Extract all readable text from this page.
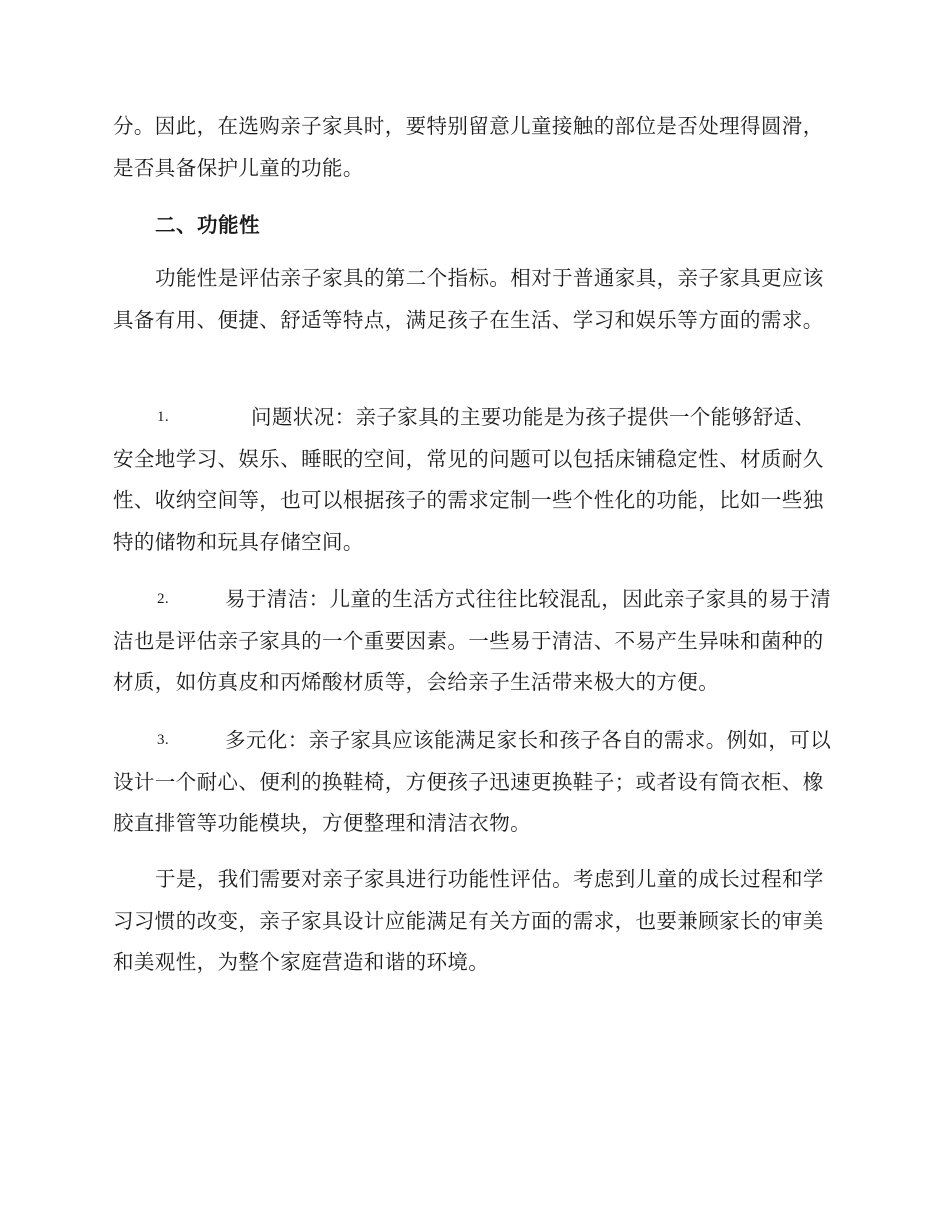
分。因此，在选购亲子家具时，要特别留意儿童接触的部位是否处理得圆滑，是否具备保护儿童的功能。

二、功能性

功能性是评估亲子家具的第二个指标。相对于普通家具，亲子家具更应该具备有用、便捷、舒适等特点，满足孩子在生活、学习和娱乐等方面的需求。

1.	问题状况：亲子家具的主要功能是为孩子提供一个能够舒适、安全地学习、娱乐、睡眠的空间，常见的问题可以包括床铺稳定性、材质耐久性、收纳空间等，也可以根据孩子的需求定制一些个性化的功能，比如一些独特的储物和玩具存储空间。

2.	易于清洁：儿童的生活方式往往比较混乱，因此亲子家具的易于清洁也是评估亲子家具的一个重要因素。一些易于清洁、不易产生异味和菌种的材质，如仿真皮和丙烯酸材质等，会给亲子生活带来极大的方便。

3.	多元化：亲子家具应该能满足家长和孩子各自的需求。例如，可以设计一个耐心、便利的换鞋椅，方便孩子迅速更换鞋子；或者设有筒衣柜、橡胶直排管等功能模块，方便整理和清洁衣物。

于是，我们需要对亲子家具进行功能性评估。考虑到儿童的成长过程和学习习惯的改变，亲子家具设计应能满足有关方面的需求，也要兼顾家长的审美和美观性，为整个家庭营造和谐的环境。
